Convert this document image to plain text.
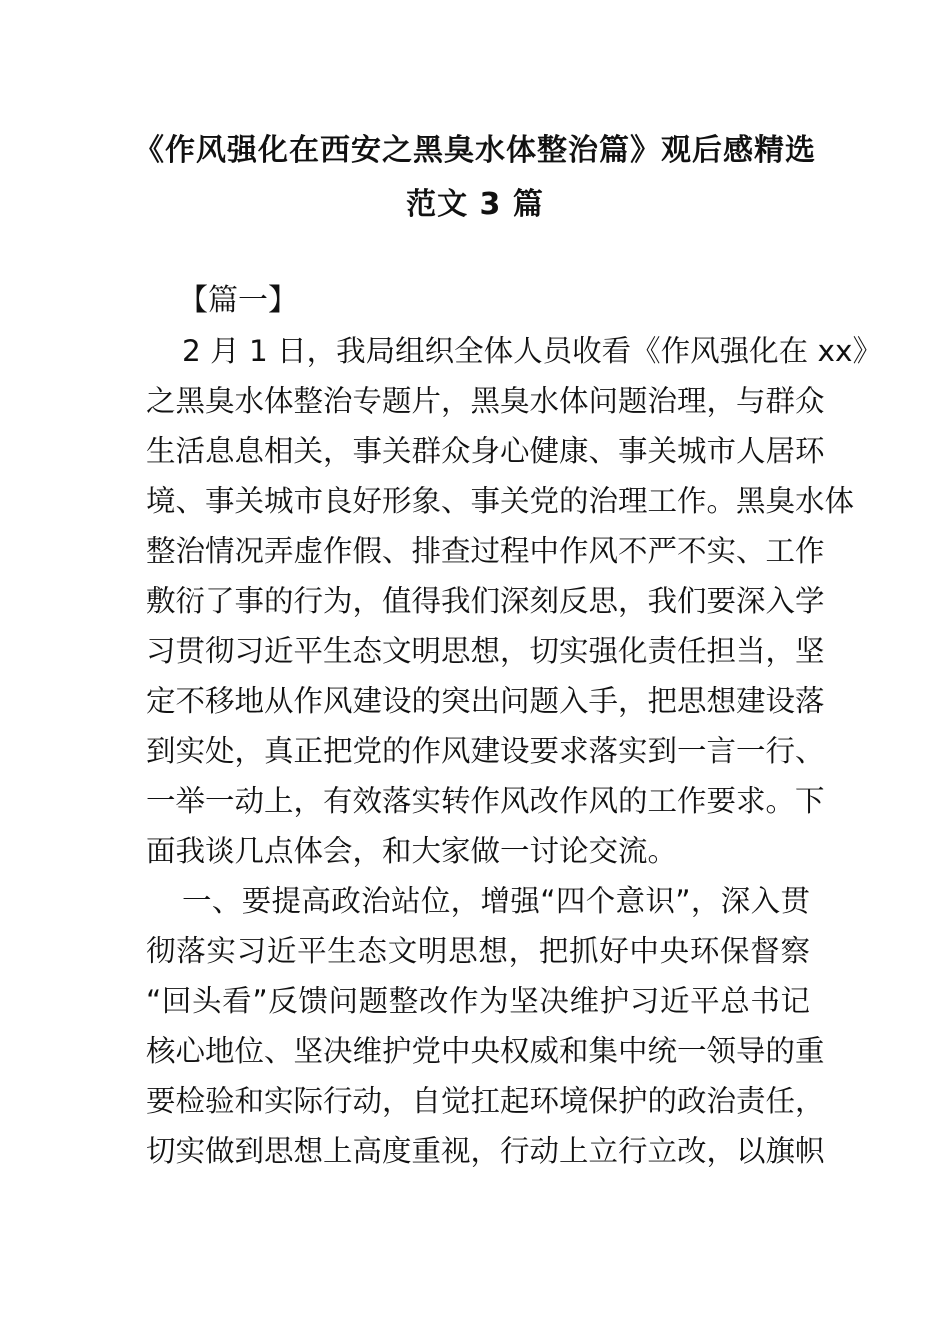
《作风强化在西安之黑臭水体整治篇》观后感精选
范文 3 篇
【篇一】
2 月 1 日，我局组织全体人员收看《作风强化在 xx》
之黑臭水体整治专题片，黑臭水体问题治理，与群众
生活息息相关，事关群众身心健康、事关城市人居环
境、事关城市良好形象、事关党的治理工作。黑臭水体
整治情况弄虚作假、排查过程中作风不严不实、工作
敷衍了事的行为，值得我们深刻反思，我们要深入学
习贯彻习近平生态文明思想，切实强化责任担当，坚
定不移地从作风建设的突出问题入手，把思想建设落
到实处，真正把党的作风建设要求落实到一言一行、
一举一动上，有效落实转作风改作风的工作要求。下
面我谈几点体会，和大家做一讨论交流。
一、要提高政治站位，增强“四个意识”，深入贯
彻落实习近平生态文明思想，把抓好中央环保督察
“回头看”反馈问题整改作为坚决维护习近平总书记
核心地位、坚决维护党中央权威和集中统一领导的重
要检验和实际行动，自觉扛起环境保护的政治责任，
切实做到思想上高度重视，行动上立行立改，以旗帜
